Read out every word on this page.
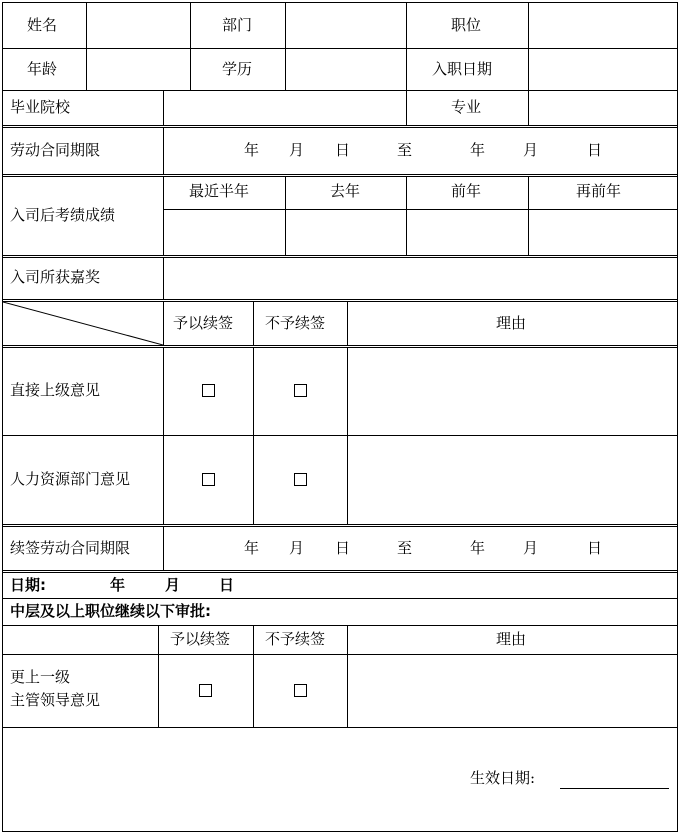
姓名	部门	职位
年龄	学历	入职日期
毕业院校	专业
劳动合同期限	年 月 日	至	年	月	日
入司后考绩成绩
最近半年	去年	前年	再前年
入司所获嘉奖
予以续签 不予续签	理由
直接上级意见
人力资源部门意见
续签劳动合同期限	年 月 日	至	年	月	日
日期:	年	月	日
中层及以上职位继续以下审批:
予以续签 不予续签	理由
更上一级
主管领导意见
生效日期:
